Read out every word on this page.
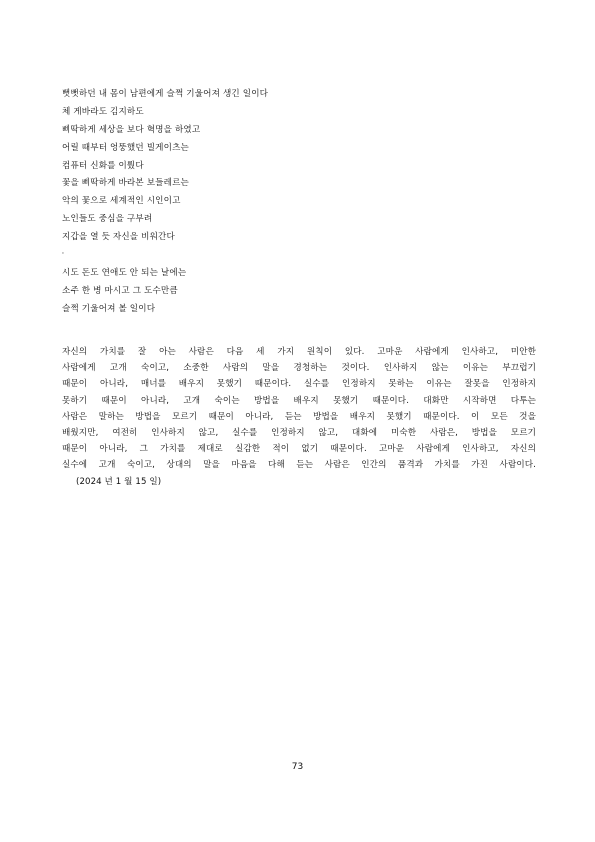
뻣뻣하던 내 몸이 남편에게 슬쩍 기울어져 생긴 일이다
체 게바라도 김지하도
삐딱하게 세상을 보다 혁명을 하였고
어릴 때부터 엉뚱했던 빌게이츠는
컴퓨터 신화를 이뤘다
꽃을 삐딱하게 바라본 보들레르는
악의 꽃으로 세계적인 시인이고
노인들도 중심을 구부려
지갑을 열 듯 자신을 비워간다
'
시도 돈도 연애도 안 되는 날에는
소주 한 병 마시고 그 도수만큼
슬쩍 기울어져 볼 일이다
자신의 가치를 잘 아는 사람은 다음 세 가지 원칙이 있다. 고마운 사람에게 인사하고, 미안한
사람에게 고개 숙이고, 소중한 사람의 말을 경청하는 것이다. 인사하지 않는 이유는 부끄럽기
때문이 아니라, 매너를 배우지 못했기 때문이다. 실수를 인정하지 못하는 이유는 잘못을 인정하지
못하기 때문이 아니라, 고개 숙이는 방법을 배우지 못했기 때문이다. 대화만 시작하면 다투는
사람은 말하는 방법을 모르기 때문이 아니라, 듣는 방법을 배우지 못했기 때문이다. 이 모든 것을
배웠지만, 여전히 인사하지 않고, 실수를 인정하지 않고, 대화에 미숙한 사람은, 방법을 모르기
때문이 아니라, 그 가치를 제대로 실감한 적이 없기 때문이다. 고마운 사람에게 인사하고, 자신의
실수에 고개 숙이고, 상대의 말을 마음을 다해 듣는 사람은 인간의 품격과 가치를 가진 사람이다.
(2024 년 1 월 15 일)
73
